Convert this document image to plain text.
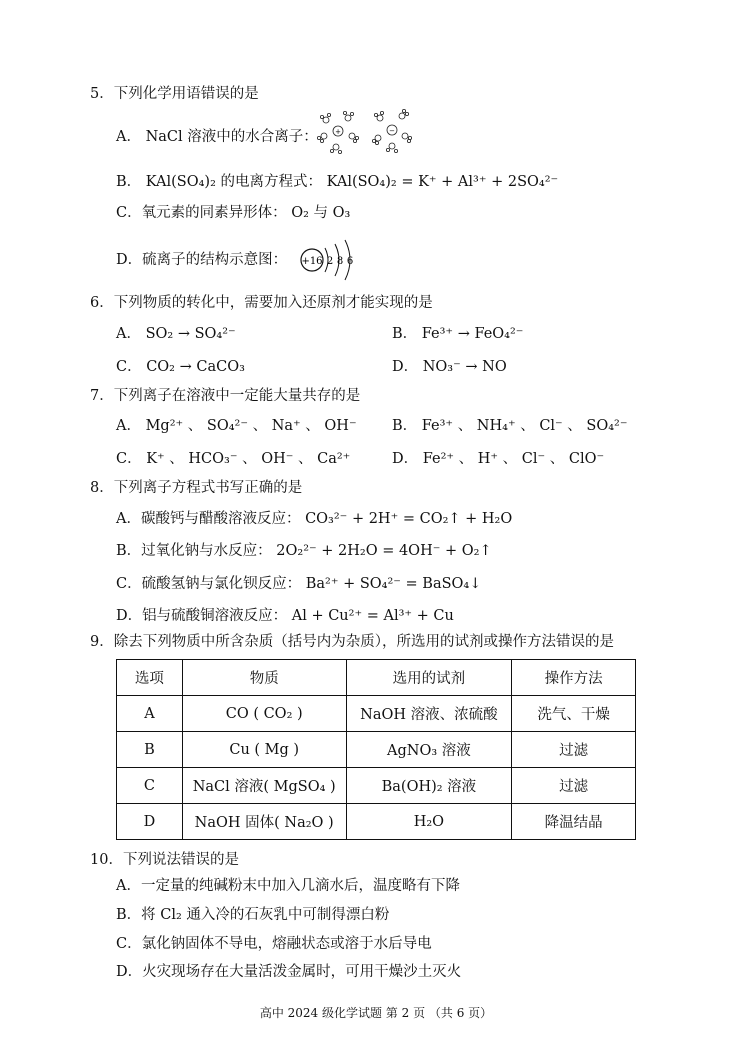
5．下列化学用语错误的是
A． NaCl 溶液中的水合离子： +	−
B． KAl(SO₄)₂ 的电离方程式： KAl(SO₄)₂ = K⁺ + Al³⁺ + 2SO₄²⁻
C．氧元素的同素异形体： O₂ 与 O₃
D．硫离子的结构示意图： +16 2 8 6
6．下列物质的转化中，需要加入还原剂才能实现的是
A． SO₂ → SO₄²⁻	B． Fe³⁺ → FeO₄²⁻
C． CO₂ → CaCO₃	D． NO₃⁻ → NO
7．下列离子在溶液中一定能大量共存的是
A． Mg²⁺ 、 SO₄²⁻ 、 Na⁺ 、 OH⁻ B． Fe³⁺ 、 NH₄⁺ 、 Cl⁻ 、 SO₄²⁻
C． K⁺ 、 HCO₃⁻ 、 OH⁻ 、 Ca²⁺	D． Fe²⁺ 、 H⁺ 、 Cl⁻ 、 ClO⁻
8．下列离子方程式书写正确的是
A．碳酸钙与醋酸溶液反应： CO₃²⁻ + 2H⁺ = CO₂↑ + H₂O
B．过氧化钠与水反应： 2O₂²⁻ + 2H₂O = 4OH⁻ + O₂↑
C．硫酸氢钠与氯化钡反应： Ba²⁺ + SO₄²⁻ = BaSO₄↓
D．铝与硫酸铜溶液反应： Al + Cu²⁺ = Al³⁺ + Cu
9．除去下列物质中所含杂质（括号内为杂质），所选用的试剂或操作方法错误的是
选项	物质	选用的试剂	操作方法
A	CO ( CO₂ )	NaOH 溶液、浓硫酸	洗气、干燥
B	Cu ( Mg )	AgNO₃ 溶液	过滤
C	NaCl 溶液( MgSO₄ )	Ba(OH)₂ 溶液	过滤
D	NaOH 固体( Na₂O )	H₂O	降温结晶
10．下列说法错误的是
A．一定量的纯碱粉末中加入几滴水后，温度略有下降
B．将 Cl₂ 通入冷的石灰乳中可制得漂白粉
C．氯化钠固体不导电，熔融状态或溶于水后导电
D．火灾现场存在大量活泼金属时，可用干燥沙土灭火
高中 2024 级化学试题 第 2 页 （共 6 页）
